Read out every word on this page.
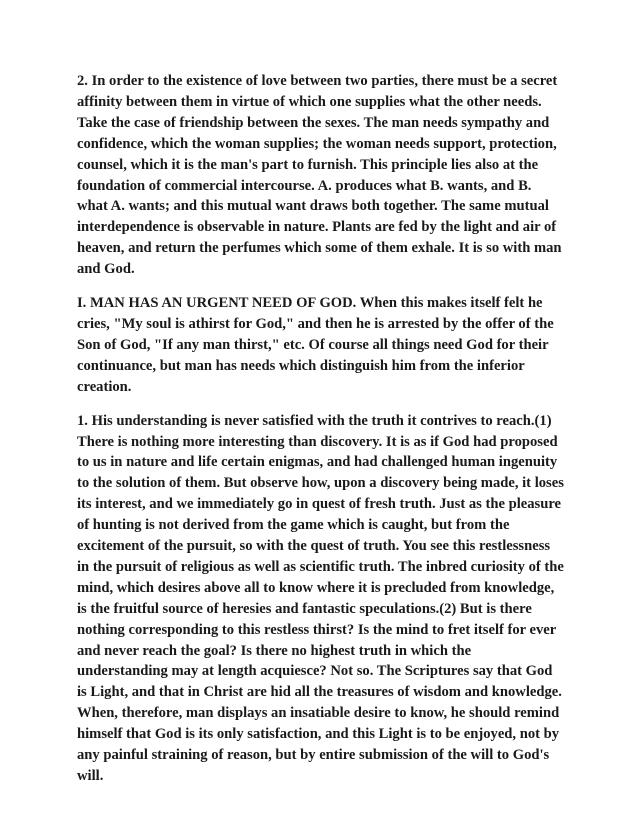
2. In order to the existence of love between two parties, there must be a secret
affinity between them in virtue of which one supplies what the other needs.
Take the case of friendship between the sexes. The man needs sympathy and
confidence, which the woman supplies; the woman needs support, protection,
counsel, which it is the man's part to furnish. This principle lies also at the
foundation of commercial intercourse. A. produces what B. wants, and B.
what A. wants; and this mutual want draws both together. The same mutual
interdependence is observable in nature. Plants are fed by the light and air of
heaven, and return the perfumes which some of them exhale. It is so with man
and God.
I. MAN HAS AN URGENT NEED OF GOD. When this makes itself felt he
cries, "My soul is athirst for God," and then he is arrested by the offer of the
Son of God, "If any man thirst," etc. Of course all things need God for their
continuance, but man has needs which distinguish him from the inferior
creation.
1. His understanding is never satisfied with the truth it contrives to reach.(1)
There is nothing more interesting than discovery. It is as if God had proposed
to us in nature and life certain enigmas, and had challenged human ingenuity
to the solution of them. But observe how, upon a discovery being made, it loses
its interest, and we immediately go in quest of fresh truth. Just as the pleasure
of hunting is not derived from the game which is caught, but from the
excitement of the pursuit, so with the quest of truth. You see this restlessness
in the pursuit of religious as well as scientific truth. The inbred curiosity of the
mind, which desires above all to know where it is precluded from knowledge,
is the fruitful source of heresies and fantastic speculations.(2) But is there
nothing corresponding to this restless thirst? Is the mind to fret itself for ever
and never reach the goal? Is there no highest truth in which the
understanding may at length acquiesce? Not so. The Scriptures say that God
is Light, and that in Christ are hid all the treasures of wisdom and knowledge.
When, therefore, man displays an insatiable desire to know, he should remind
himself that God is its only satisfaction, and this Light is to be enjoyed, not by
any painful straining of reason, but by entire submission of the will to God's
will.
